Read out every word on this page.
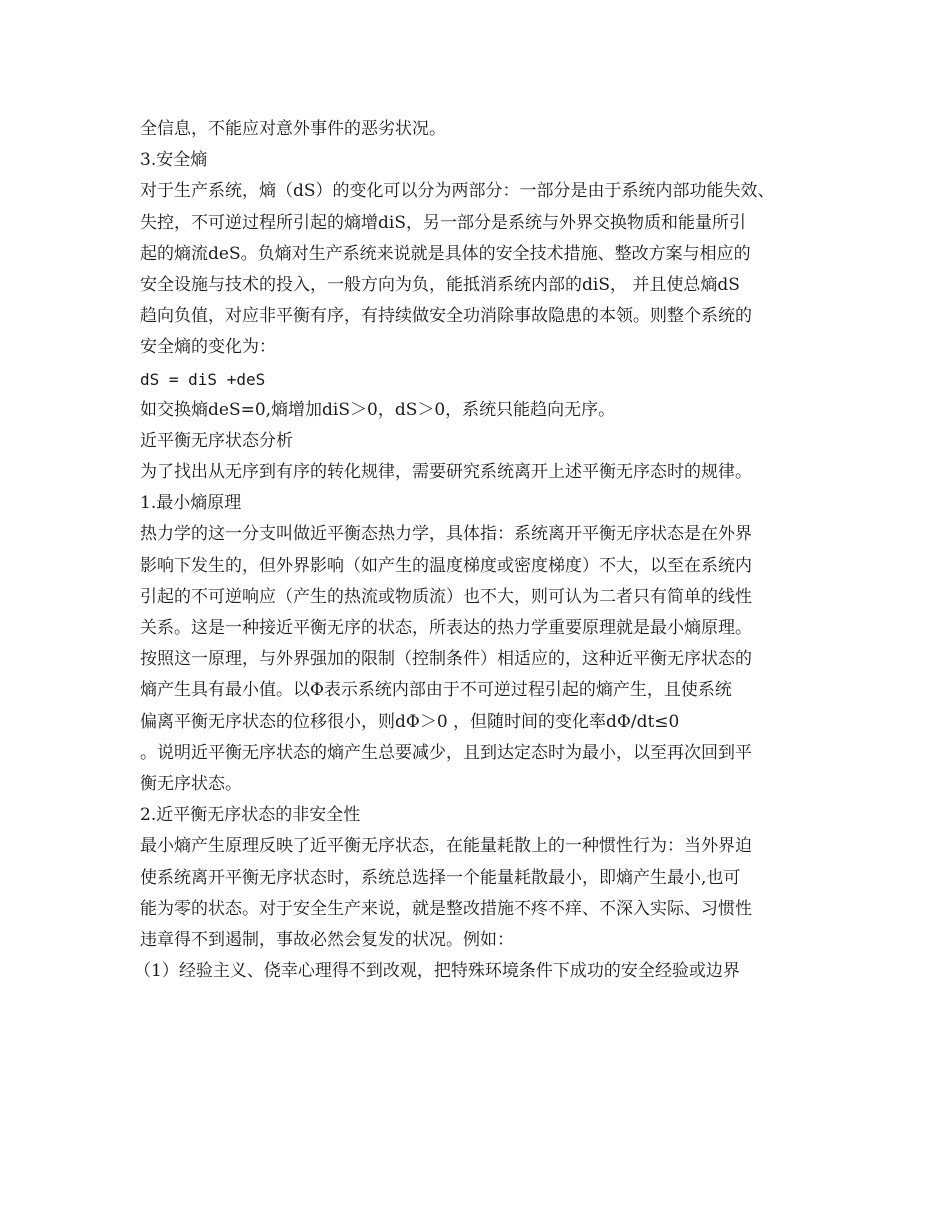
全信息，不能应对意外事件的恶劣状况。
3.安全熵
对于生产系统，熵（dS）的变化可以分为两部分：一部分是由于系统内部功能失效、
失控，不可逆过程所引起的熵增diS，另一部分是系统与外界交换物质和能量所引
起的熵流deS。负熵对生产系统来说就是具体的安全技术措施、整改方案与相应的
安全设施与技术的投入，一般方向为负，能抵消系统内部的diS， 并且使总熵dS
趋向负值，对应非平衡有序，有持续做安全功消除事故隐患的本领。则整个系统的
安全熵的变化为：
dS = diS +deS
如交换熵deS=0,熵增加diS＞0，dS＞0，系统只能趋向无序。
近平衡无序状态分析
为了找出从无序到有序的转化规律，需要研究系统离开上述平衡无序态时的规律。
1.最小熵原理
热力学的这一分支叫做近平衡态热力学，具体指：系统离开平衡无序状态是在外界
影响下发生的，但外界影响（如产生的温度梯度或密度梯度）不大，以至在系统内
引起的不可逆响应（产生的热流或物质流）也不大，则可认为二者只有简单的线性
关系。这是一种接近平衡无序的状态，所表达的热力学重要原理就是最小熵原理。
按照这一原理，与外界强加的限制（控制条件）相适应的，这种近平衡无序状态的
熵产生具有最小值。以Φ表示系统内部由于不可逆过程引起的熵产生，且使系统
偏离平衡无序状态的位移很小，则dΦ＞0 ，但随时间的变化率dΦ/dt≤0
。说明近平衡无序状态的熵产生总要减少，且到达定态时为最小，以至再次回到平
衡无序状态。
2.近平衡无序状态的非安全性
最小熵产生原理反映了近平衡无序状态，在能量耗散上的一种惯性行为：当外界迫
使系统离开平衡无序状态时，系统总选择一个能量耗散最小，即熵产生最小,也可
能为零的状态。对于安全生产来说，就是整改措施不疼不痒、不深入实际、习惯性
违章得不到遏制，事故必然会复发的状况。例如：
（1）经验主义、侥幸心理得不到改观，把特殊环境条件下成功的安全经验或边界
